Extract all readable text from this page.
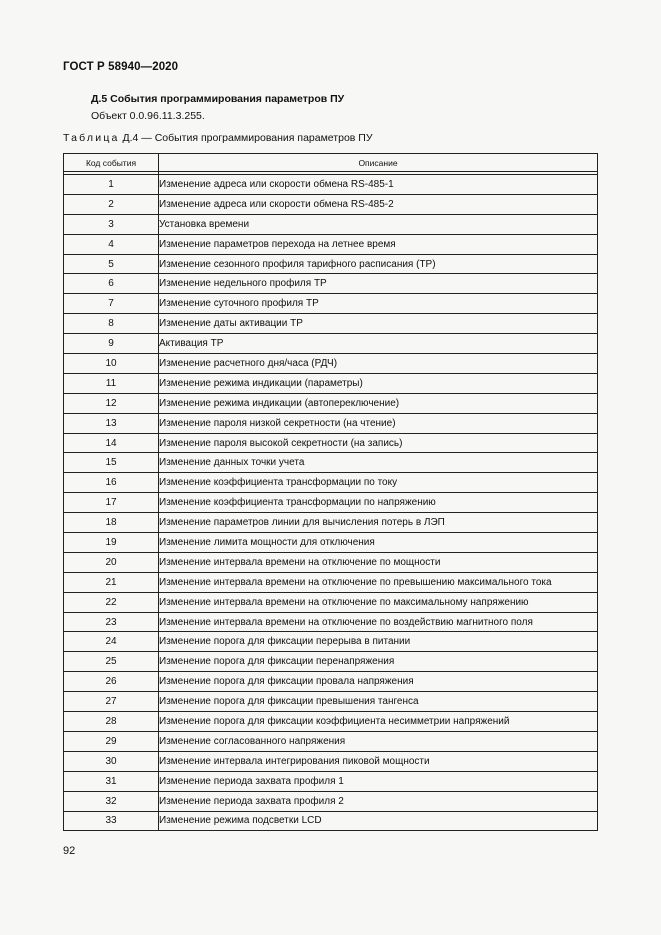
ГОСТ Р 58940—2020
Д.5 События программирования параметров ПУ
Объект 0.0.96.11.3.255.
Таблица Д.4 — События программирования параметров ПУ
Код события	Описание

1	Изменение адреса или скорости обмена RS-485-1
2	Изменение адреса или скорости обмена RS-485-2
3	Установка времени
4	Изменение параметров перехода на летнее время
5	Изменение сезонного профиля тарифного расписания (ТР)
6	Изменение недельного профиля ТР
7	Изменение суточного профиля ТР
8	Изменение даты активации ТР
9	Активация ТР
10	Изменение расчетного дня/часа (РДЧ)
11	Изменение режима индикации (параметры)
12	Изменение режима индикации (автопереключение)
13	Изменение пароля низкой секретности (на чтение)
14	Изменение пароля высокой секретности (на запись)
15	Изменение данных точки учета
16	Изменение коэффициента трансформации по току
17	Изменение коэффициента трансформации по напряжению
18	Изменение параметров линии для вычисления потерь в ЛЭП
19	Изменение лимита мощности для отключения
20	Изменение интервала времени на отключение по мощности
21	Изменение интервала времени на отключение по превышению максимального тока
22	Изменение интервала времени на отключение по максимальному напряжению
23	Изменение интервала времени на отключение по воздействию магнитного поля
24	Изменение порога для фиксации перерыва в питании
25	Изменение порога для фиксации перенапряжения
26	Изменение порога для фиксации провала напряжения
27	Изменение порога для фиксации превышения тангенса
28	Изменение порога для фиксации коэффициента несимметрии напряжений
29	Изменение согласованного напряжения
30	Изменение интервала интегрирования пиковой мощности
31	Изменение периода захвата профиля 1
32	Изменение периода захвата профиля 2
33	Изменение режима подсветки LCD
92
